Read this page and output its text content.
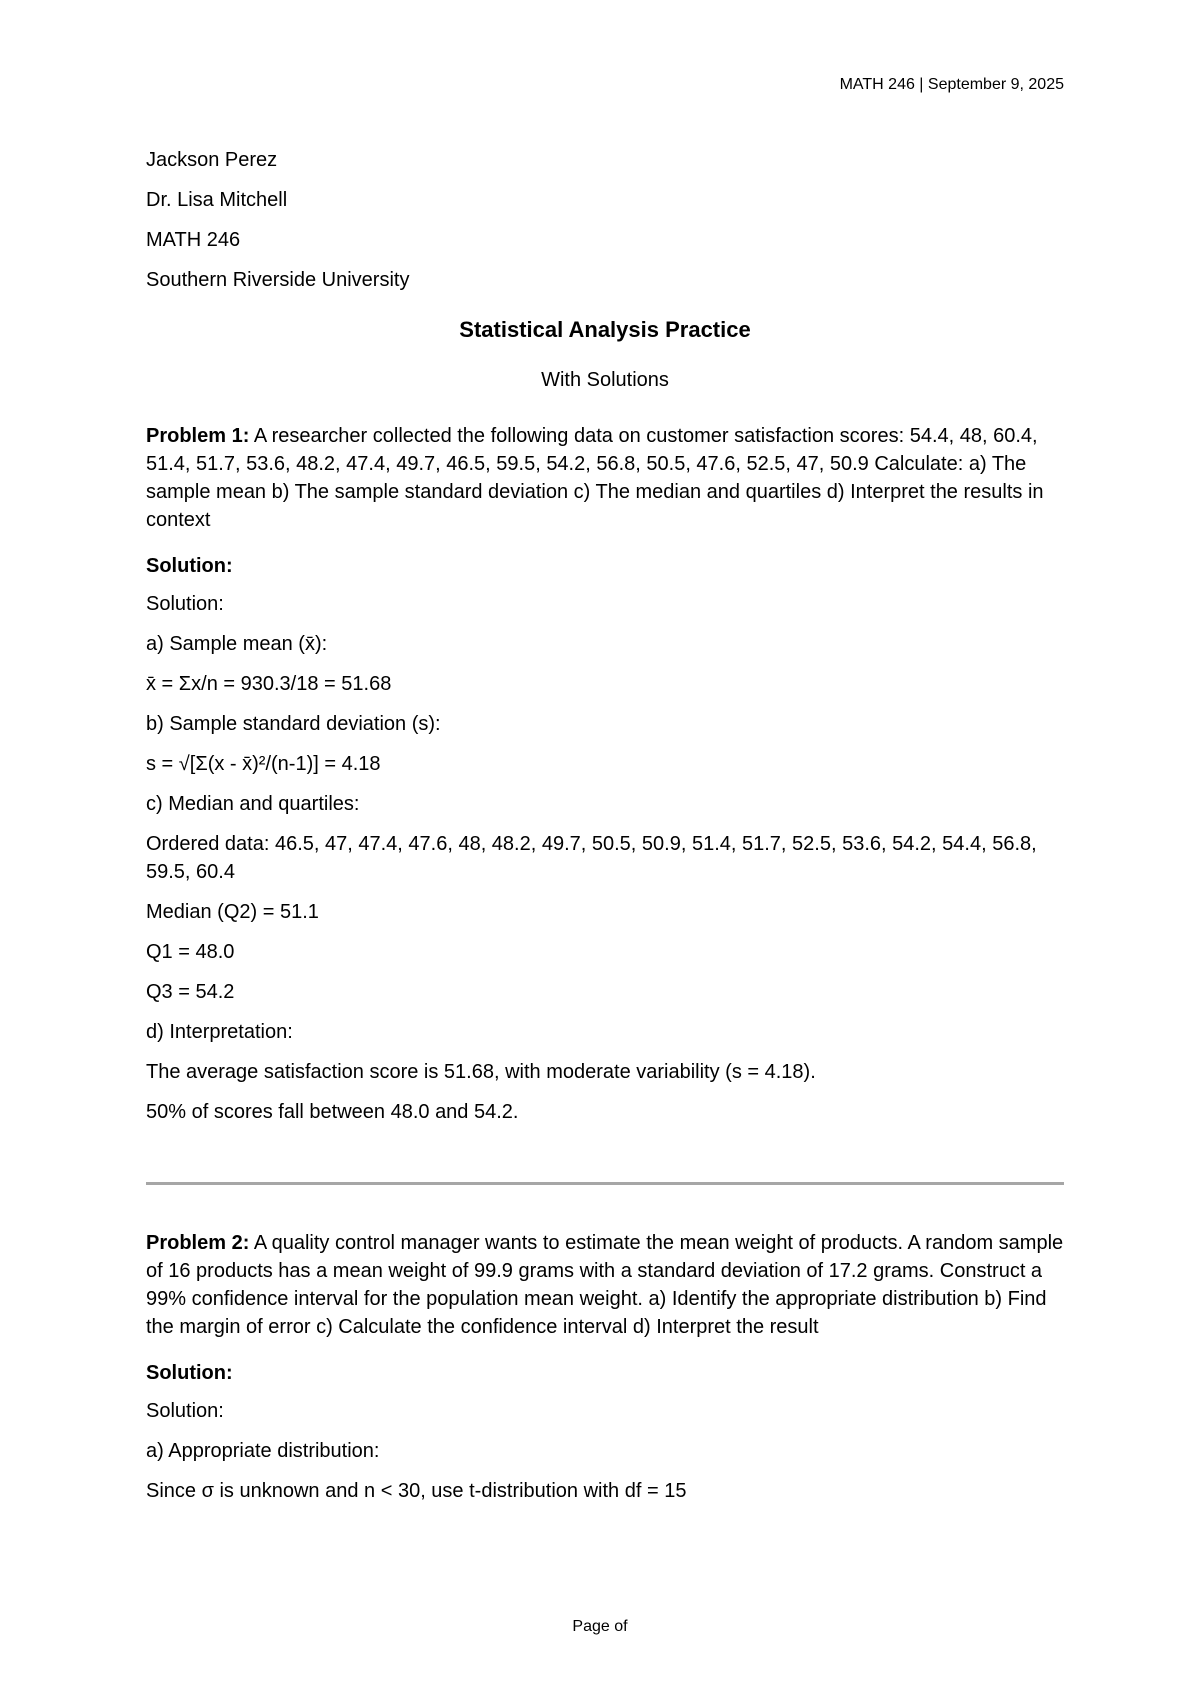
MATH 246 | September 9, 2025
Jackson Perez
Dr. Lisa Mitchell
MATH 246
Southern Riverside University
Statistical Analysis Practice
With Solutions
Problem 1: A researcher collected the following data on customer satisfaction scores: 54.4, 48, 60.4, 51.4, 51.7, 53.6, 48.2, 47.4, 49.7, 46.5, 59.5, 54.2, 56.8, 50.5, 47.6, 52.5, 47, 50.9 Calculate: a) The sample mean b) The sample standard deviation c) The median and quartiles d) Interpret the results in context
Solution:
Solution:
a) Sample mean (x̄):
x̄ = Σx/n = 930.3/18 = 51.68
b) Sample standard deviation (s):
s = √[Σ(x - x̄)²/(n-1)] = 4.18
c) Median and quartiles:
Ordered data: 46.5, 47, 47.4, 47.6, 48, 48.2, 49.7, 50.5, 50.9, 51.4, 51.7, 52.5, 53.6, 54.2, 54.4, 56.8, 59.5, 60.4
Median (Q2) = 51.1
Q1 = 48.0
Q3 = 54.2
d) Interpretation:
The average satisfaction score is 51.68, with moderate variability (s = 4.18).
50% of scores fall between 48.0 and 54.2.
Problem 2: A quality control manager wants to estimate the mean weight of products. A random sample of 16 products has a mean weight of 99.9 grams with a standard deviation of 17.2 grams. Construct a 99% confidence interval for the population mean weight. a) Identify the appropriate distribution b) Find the margin of error c) Calculate the confidence interval d) Interpret the result
Solution:
Solution:
a) Appropriate distribution:
Since σ is unknown and n < 30, use t-distribution with df = 15
Page of
